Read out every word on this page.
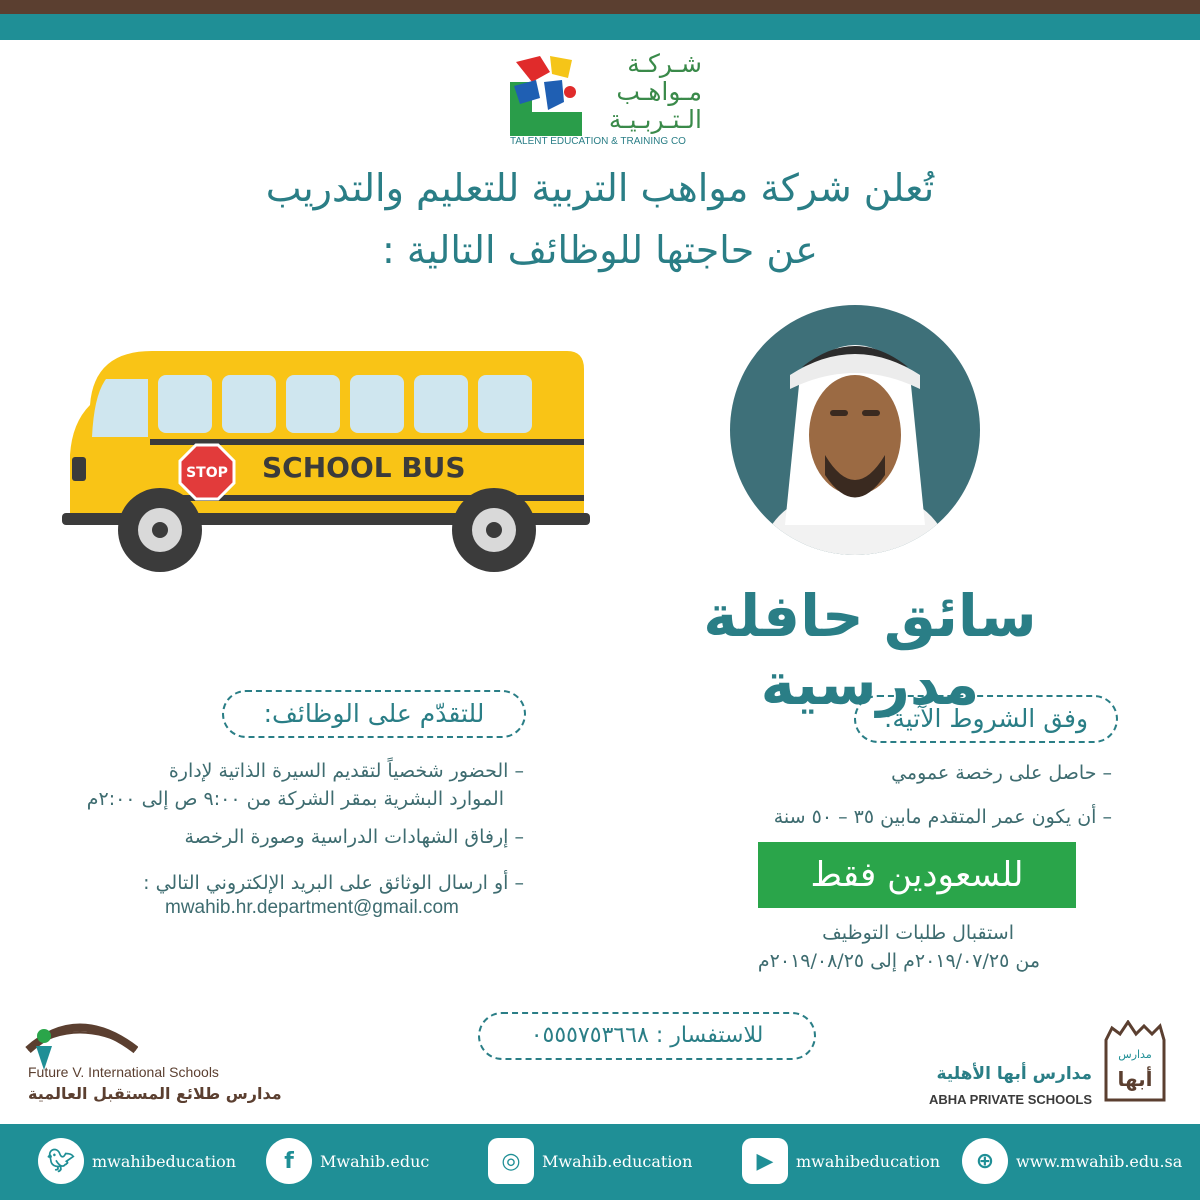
شـركـة
مـواهـب
الـتـربـيـة
TALENT EDUCATION & TRAINING CO
تُعلن شركة مواهب التربية للتعليم والتدريب
عن حاجتها للوظائف التالية :
STOP SCHOOL BUS
سائق حافلة مدرسية
للتقدّم على الوظائف:
– الحضور شخصياً لتقديم السيرة الذاتية لإدارة
الموارد البشرية بمقر الشركة من ٩:٠٠ ص إلى ٢:٠٠م
– إرفاق الشهادات الدراسية وصورة الرخصة
– أو ارسال الوثائق على البريد الإلكتروني التالي :
mwahib.hr.department@gmail.com
وفق الشروط الآتية:
– حاصل على رخصة عمومي
– أن يكون عمر المتقدم مابين ٣٥ – ٥٠ سنة
للسعودين فقط
استقبال طلبات التوظيف
من ٢٠١٩/٠٧/٢٥م إلى ٢٠١٩/٠٨/٢٥م
للاستفسار : ٠٥٥٥٧٥٣٦٦٨
Future V. International Schools
مدارس طلائع المستقبل العالمية
مدارس
أبها
مدارس أبها الأهلية
ABHA PRIVATE SCHOOLS
🐦︎	mwahibeducation	f	Mwahib.educ	◎	Mwahib.education	▶	mwahibeducation	⊕	www.mwahib.edu.sa
